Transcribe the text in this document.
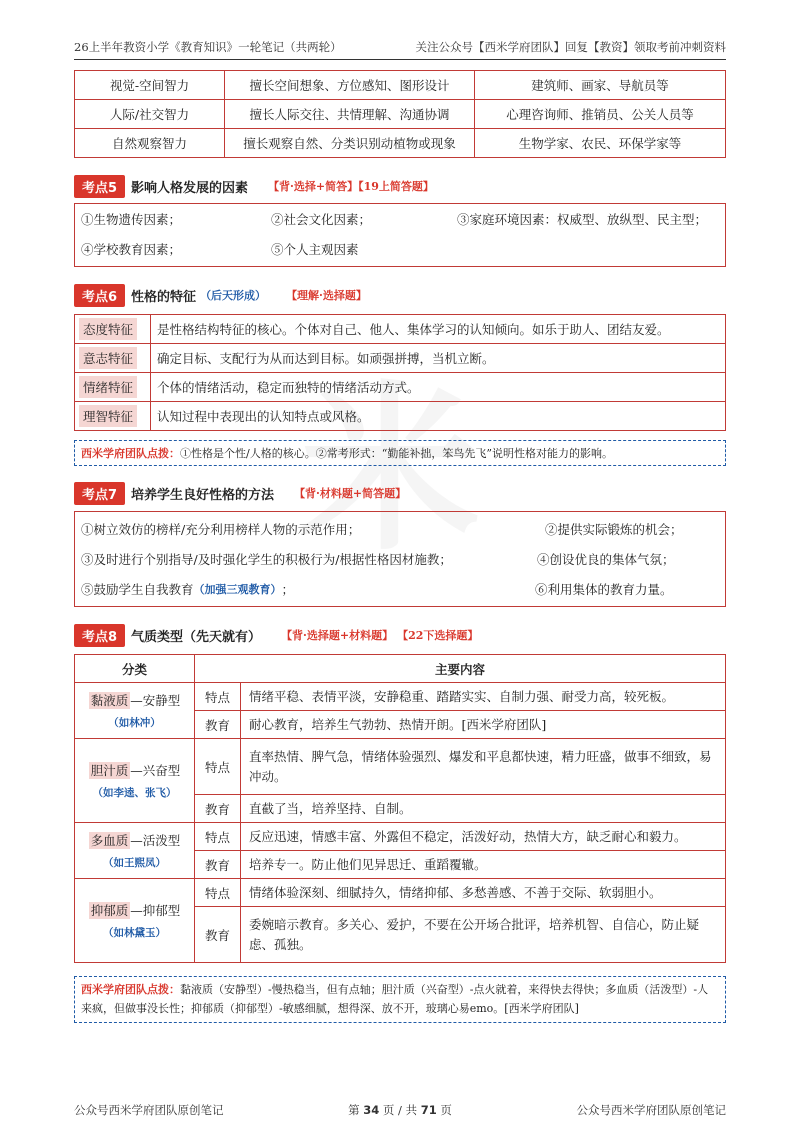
26上半年教资小学《教育知识》一轮笔记（共两轮）	关注公众号【西米学府团队】回复【教资】领取考前冲刺资料
视觉-空间智力	擅长空间想象、方位感知、图形设计	建筑师、画家、导航员等
人际/社交智力	擅长人际交往、共情理解、沟通协调	心理咨询师、推销员、公关人员等
自然观察智力	擅长观察自然、分类识别动植物或现象	生物学家、农民、环保学家等
考点5	影响人格发展的因素 【背·选择+简答】【19上简答题】
①生物遗传因素；	②社会文化因素；	③家庭环境因素：权威型、放纵型、民主型；
④学校教育因素；	⑤个人主观因素
考点6	性格的特征 （后天形成） 【理解·选择题】
态度特征	是性格结构特征的核心。个体对自己、他人、集体学习的认知倾向。如乐于助人、团结友爱。
意志特征	确定目标、支配行为从而达到目标。如顽强拼搏，当机立断。
情绪特征	个体的情绪活动，稳定而独特的情绪活动方式。
理智特征	认知过程中表现出的认知特点或风格。
西米学府团队点拨：①性格是个性/人格的核心。②常考形式：“勤能补拙，笨鸟先飞”说明性格对能力的影响。
考点7	培养学生良好性格的方法 【背·材料题+简答题】
①树立效仿的榜样/充分利用榜样人物的示范作用；	②提供实际锻炼的机会；
③及时进行个别指导/及时强化学生的积极行为/根据性格因材施教；	④创设优良的集体气氛；
⑤鼓励学生自我教育 （加强三观教育） ；	⑥利用集体的教育力量。
考点8	气质类型（先天就有） 【背·选择题+材料题】 【22下选择题】
分类	主要内容	

黏液质 —安静型
（如林冲）	特点	情绪平稳、表情平淡，安静稳重、踏踏实实、自制力强、耐受力高，较死板。
	教育	耐心教育，培养生气勃勃、热情开朗。[西米学府团队]

胆汁质 —兴奋型
（如李逵、张飞）	特点	直率热情、脾气急，情绪体验强烈、爆发和平息都快速，精力旺盛，做事不细致，易冲动。
	教育	直截了当，培养坚持、自制。

多血质 —活泼型
（如王熙凤）	特点	反应迅速，情感丰富、外露但不稳定，活泼好动，热情大方，缺乏耐心和毅力。
	教育	培养专一。防止他们见异思迁、重蹈覆辙。

抑郁质 —抑郁型
（如林黛玉）	特点	情绪体验深刻、细腻持久，情绪抑郁、多愁善感、不善于交际、软弱胆小。
	教育	委婉暗示教育。多关心、爱护，不要在公开场合批评，培养机智、自信心，防止疑虑、孤独。
西米学府团队点拨：黏液质（安静型）-慢热稳当，但有点轴；胆汁质（兴奋型）-点火就着，来得快去得快；多血质（活泼型）-人来疯，但做事没长性；抑郁质（抑郁型）-敏感细腻，想得深、放不开，玻璃心易emo。[西米学府团队]
公众号西米学府团队原创笔记	第 34 页 / 共 71 页	公众号西米学府团队原创笔记
